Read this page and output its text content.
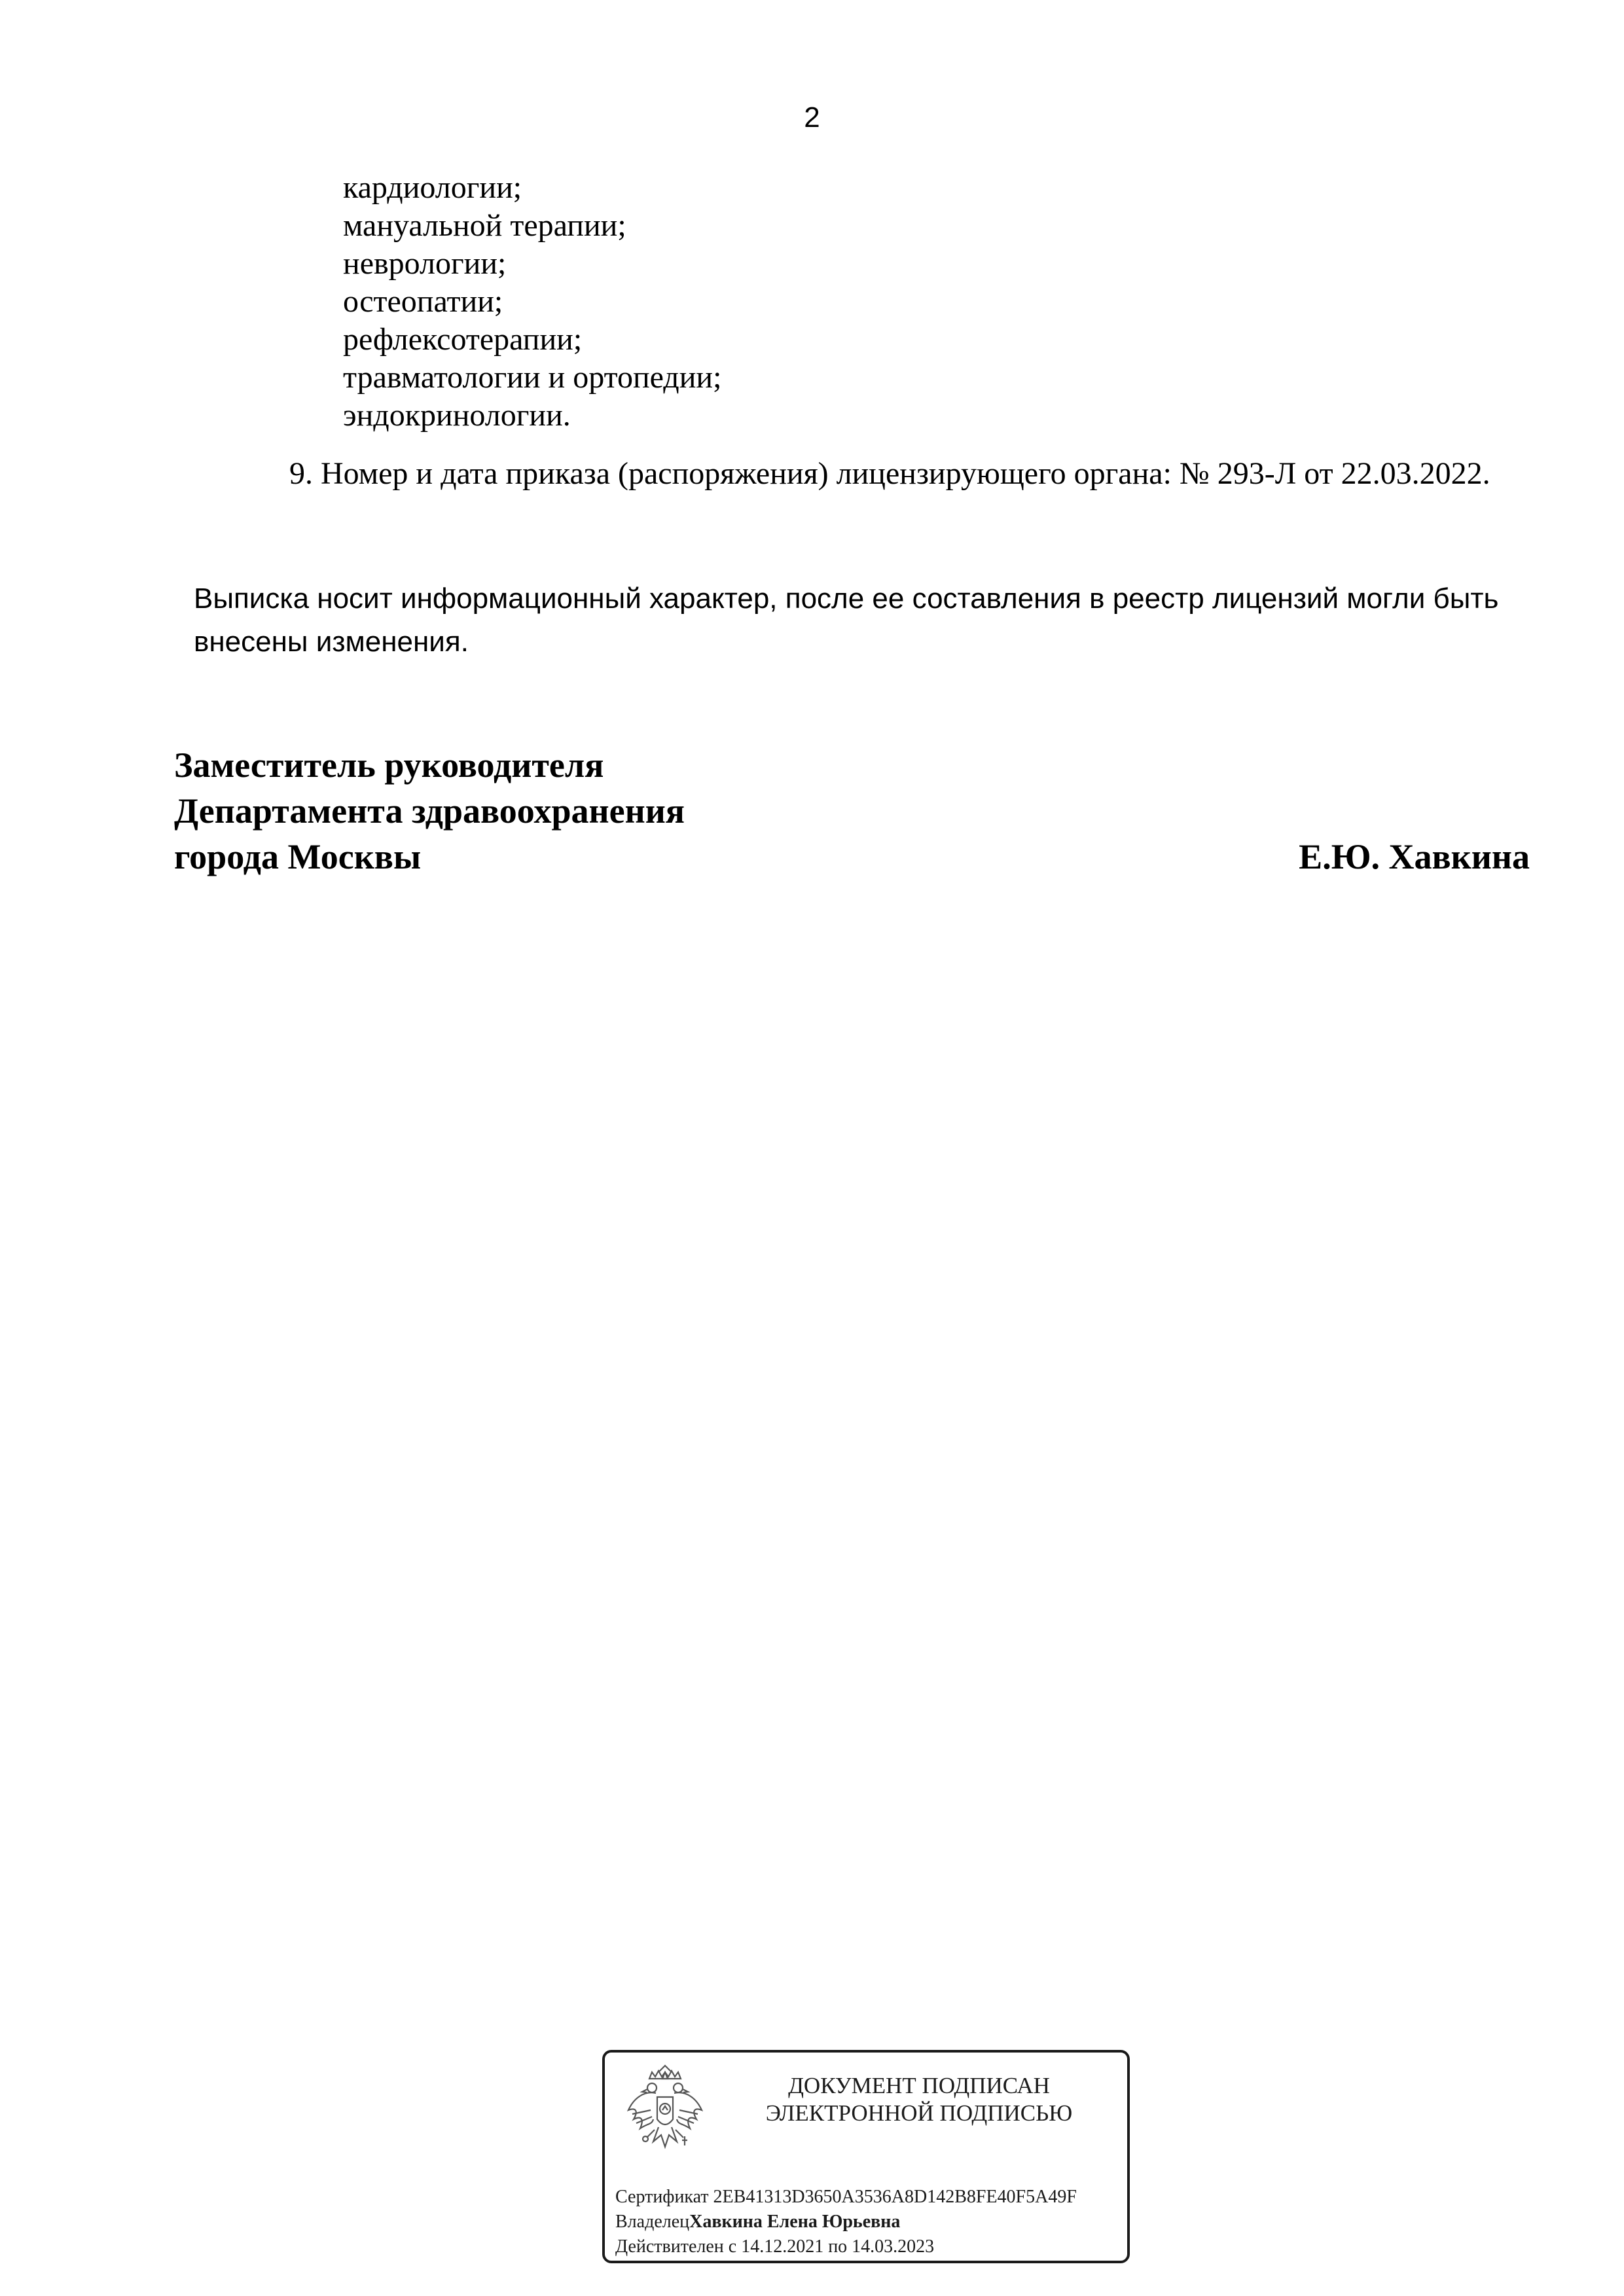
2
кардиологии;
мануальной терапии;
неврологии;
остеопатии;
рефлексотерапии;
травматологии и ортопедии;
эндокринологии.
9. Номер и дата приказа (распоряжения) лицензирующего органа: № 293-Л от 22.03.2022.
Выписка носит информационный характер, после ее составления в реестр лицензий могли быть внесены изменения.
Заместитель руководителя
Департамента здравоохранения
города Москвы	Е.Ю. Хавкина
ДОКУМЕНТ ПОДПИСАН
ЭЛЕКТРОННОЙ ПОДПИСЬЮ
Сертификат 2EB41313D3650A3536A8D142B8FE40F5A49F
ВладелецХавкина Елена Юрьевна
Действителен с 14.12.2021 по 14.03.2023
